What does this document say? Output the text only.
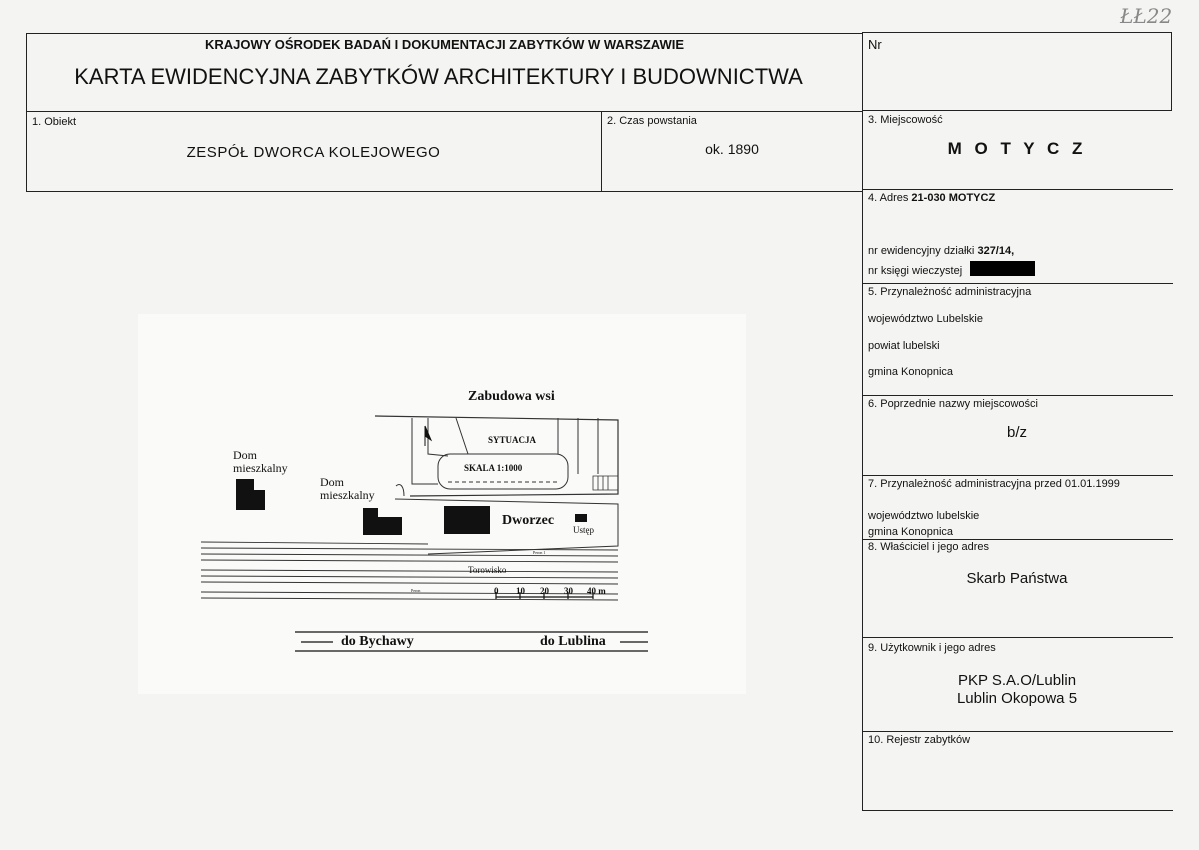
ŁŁ22
KRAJOWY OŚRODEK BADAŃ I DOKUMENTACJI ZABYTKÓW W WARSZAWIE
KARTA EWIDENCYJNA ZABYTKÓW ARCHITEKTURY I BUDOWNICTWA
Nr
1. Obiekt
ZESPÓŁ DWORCA KOLEJOWEGO
2. Czas powstania
ok. 1890
3. Miejscowość
M O T Y C Z
4. Adres 21-030 MOTYCZ
nr ewidencyjny działki 327/14,
nr księgi wieczystej
5. Przynależność administracyjna
województwo Lubelskie
powiat lubelski
gmina Konopnica
6. Poprzednie nazwy miejscowości
b/z
7. Przynależność administracyjna przed 01.01.1999
województwo lubelskie
gmina Konopnica
8. Właściciel i jego adres
Skarb Państwa
9. Użytkownik i jego adres
PKP S.A.O/Lublin
Lublin Okopowa 5
10. Rejestr zabytków
Zabudowa wsi
SYTUACJA
SKALA 1:1000
Dom
mieszkalny
Dom
mieszkalny
Dworzec
Ustęp
Peron 1
Torowisko
Peron	0 10 20 30 40 m
do Bychawy	do Lublina
